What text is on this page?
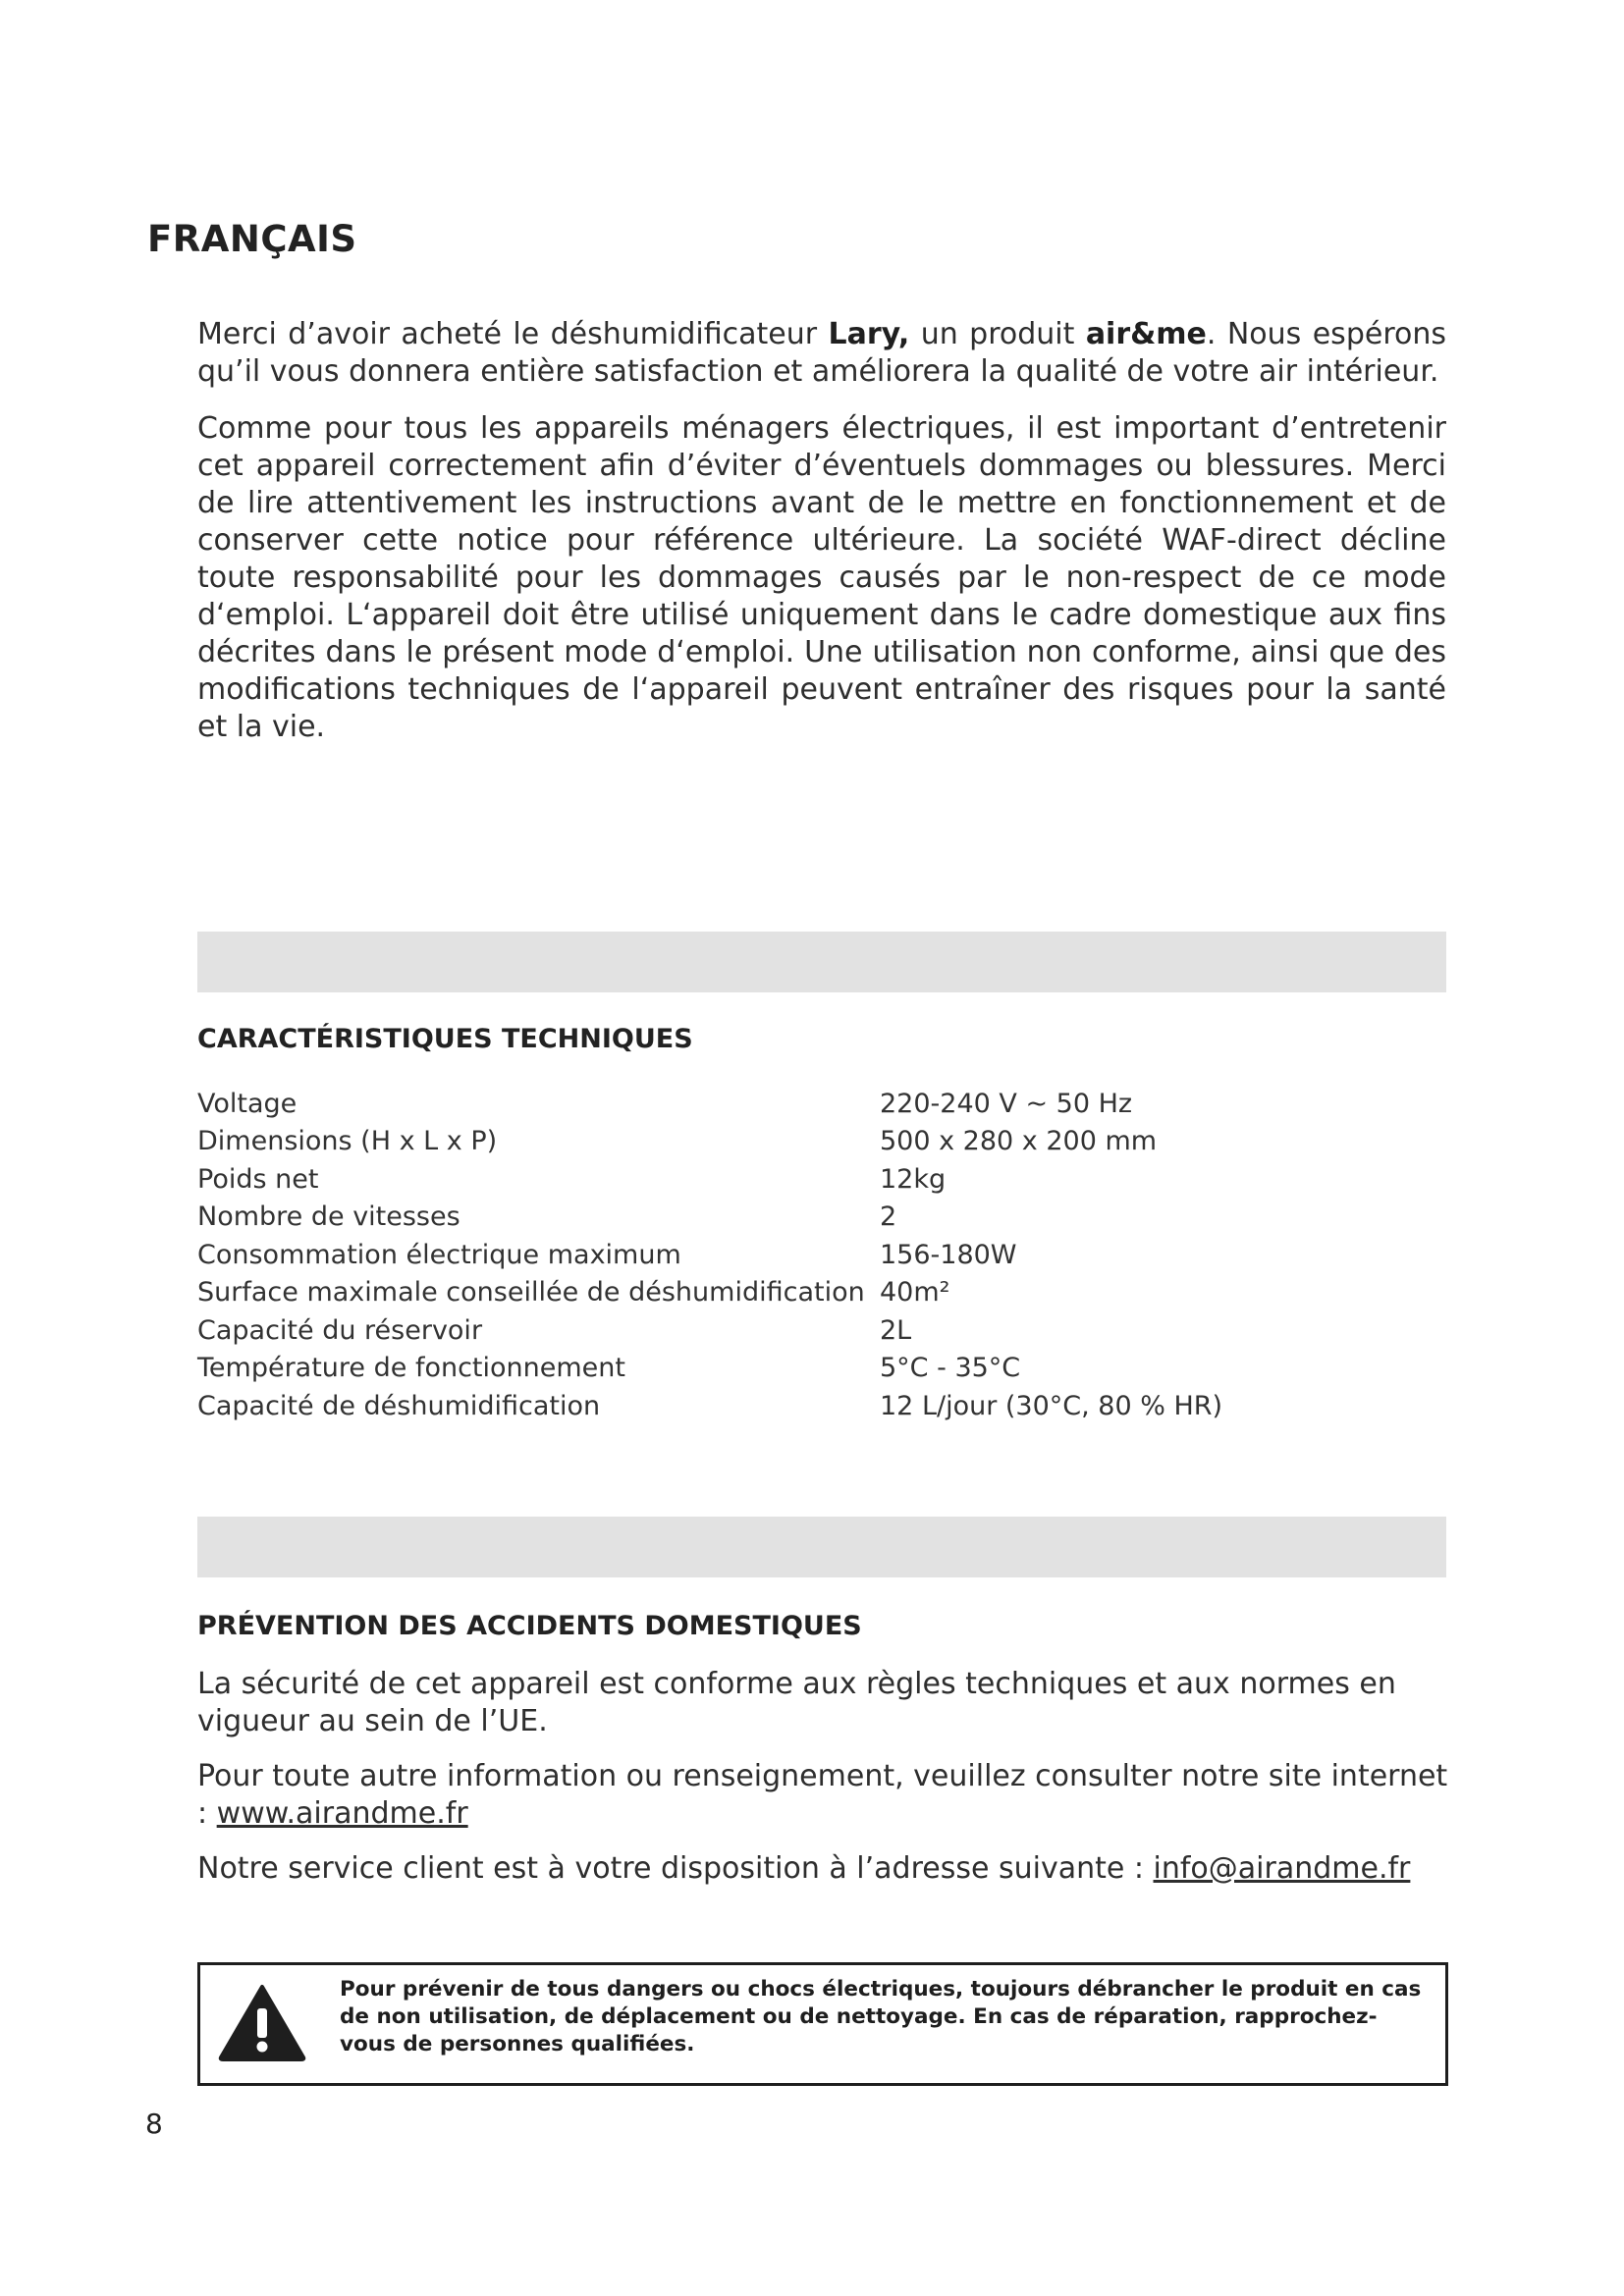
FRANÇAIS

Merci d’avoir acheté le déshumidificateur Lary, un produit air&me. Nous espérons qu’il vous donnera entière satisfaction et améliorera la qualité de votre air intérieur.

Comme pour tous les appareils ménagers électriques, il est important d’entretenir cet appareil correctement afin d’éviter d’éventuels dommages ou blessures. Merci de lire attentivement les instructions avant de le mettre en fonctionnement et de conserver cette notice pour référence ultérieure. La société WAF-direct décline toute responsabilité pour les dommages causés par le non-respect de ce mode d‘emploi. L‘appareil doit être utilisé uniquement dans le cadre domestique aux fins décrites dans le présent mode d‘emploi. Une utilisation non conforme, ainsi que des modifications techniques de l‘appareil peuvent entraîner des risques pour la santé et la vie.

CARACTÉRISTIQUES TECHNIQUES
Voltage	220-240 V ~ 50 Hz
Dimensions (H x L x P)	500 x 280 x 200 mm
Poids net	12kg
Nombre de vitesses	2
Consommation électrique maximum	156-180W
Surface maximale conseillée de déshumidification	40m²
Capacité du réservoir	2L
Température de fonctionnement	5°C - 35°C
Capacité de déshumidification	12 L/jour (30°C, 80 % HR)
PRÉVENTION DES ACCIDENTS DOMESTIQUES

La sécurité de cet appareil est conforme aux règles techniques et aux normes en vigueur au sein de l’UE.

Pour toute autre information ou renseignement, veuillez consulter notre site internet : www.airandme.fr

Notre service client est à votre disposition à l’adresse suivante : info@airandme.fr

Pour prévenir de tous dangers ou chocs électriques, toujours débrancher le produit en cas de non utilisation, de déplacement ou de nettoyage. En cas de réparation, rapprochez-vous de personnes qualifiées.
8
